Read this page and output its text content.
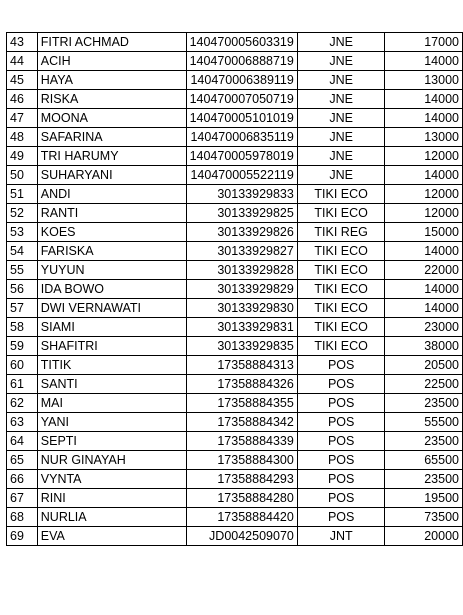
43	FITRI ACHMAD	140470005603319	JNE	17000
44	ACIH	140470006888719	JNE	14000
45	HAYA	140470006389119	JNE	13000
46	RISKA	140470007050719	JNE	14000
47	MOONA	140470005101019	JNE	14000
48	SAFARINA	140470006835119	JNE	13000
49	TRI HARUMY	140470005978019	JNE	12000
50	SUHARYANI	140470005522119	JNE	14000
51	ANDI	30133929833	TIKI ECO	12000
52	RANTI	30133929825	TIKI ECO	12000
53	KOES	30133929826	TIKI REG	15000
54	FARISKA	30133929827	TIKI ECO	14000
55	YUYUN	30133929828	TIKI ECO	22000
56	IDA BOWO	30133929829	TIKI ECO	14000
57	DWI VERNAWATI	30133929830	TIKI ECO	14000
58	SIAMI	30133929831	TIKI ECO	23000
59	SHAFITRI	30133929835	TIKI ECO	38000
60	TITIK	17358884313	POS	20500
61	SANTI	17358884326	POS	22500
62	MAI	17358884355	POS	23500
63	YANI	17358884342	POS	55500
64	SEPTI	17358884339	POS	23500
65	NUR GINAYAH	17358884300	POS	65500
66	VYNTA	17358884293	POS	23500
67	RINI	17358884280	POS	19500
68	NURLIA	17358884420	POS	73500
69	EVA	JD0042509070	JNT	20000
